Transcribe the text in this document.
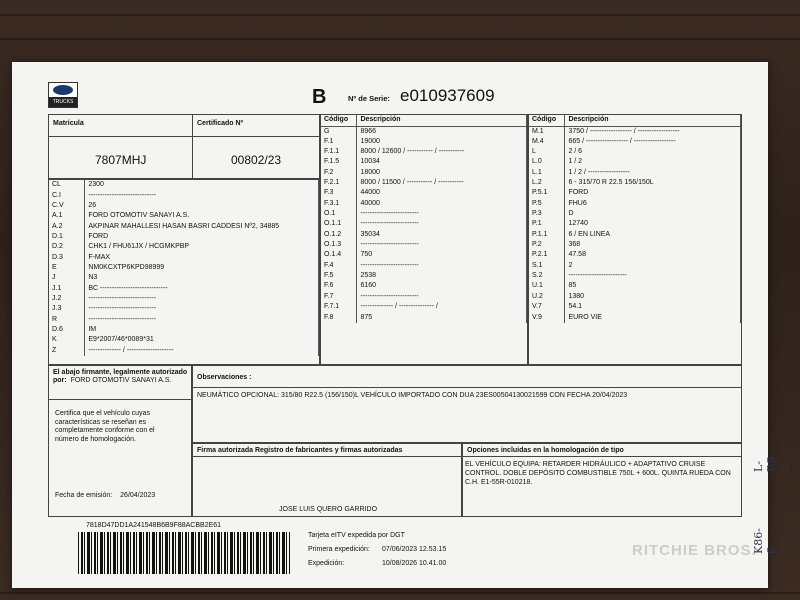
TRUCKS	B	Nº de Serie: e010937609
Matrícula	Certificado Nº
7807MHJ	00802/23
CL	2300
C.I	-----------------------------
C.V	26
A.1	FORD OTOMOTIV SANAYI A.S.
A.2	AKPINAR MAHALLESI HASAN BASRI CADDESI Nº2, 34885
D.1	FORD
D.2	CHK1 / FHU61JX / HCGMKPBP
D.3	F-MAX
E	NM0KCXTP6KPD98999
J	N3
J.1	BC -----------------------------
J.2	-----------------------------
J.3	-----------------------------
R	-----------------------------
D.6	IM
K	E9*2007/46*0089*31
Z	-------------- / --------------------
Código	Descripción
G	8966
F.1	19000
F.1.1	8000 / 12600 / ----------- / -----------
F.1.5	10034
F.2	18000
F.2.1	8000 / 11500 / ----------- / -----------
F.3	44000
F.3.1	40000
O.1	-------------------------
O.1.1	-------------------------
O.1.2	35034
O.1.3	-------------------------
O.1.4	750
F.4	-------------------------
F.5	2538
F.6	6160
F.7	-------------------------
F.7.1	-------------- / --------------- /
F.8	875
Código	Descripción
M.1	3750 / ------------------ / ------------------
M.4	665 / ------------------ / ------------------
L	2 / 6
L.0	1 / 2
L.1	1 / 2 / ------------------
L.2	6 - 315/70 R 22.5 156/150L
P.5.1	FORD
P.5	FHU6
P.3	D
P.1	12740
P.1.1	6 / EN LINEA
P.2	368
P.2.1	47.58
S.1	2
S.2	-------------------------
U.1	85
U.2	1380
V.7	54.1
V.9	EURO VIE
El abajo firmante, legalmente autorizado por: FORD OTOMOTIV SANAYI A.S.
Certifica que el vehículo cuyas características se reseñan es completamente conforme con el número de homologación.
Fecha de emisión: 26/04/2023
Observaciones :
NEUMÁTICO OPCIONAL: 315/80 R22.5 (156/150)L VEHÍCULO IMPORTADO CON DUA 23ES00504130021599 CON FECHA 20/04/2023
Firma autorizada Registro de fabricantes y firmas autorizadas
JOSE LUIS QUERO GARRIDO
Opciones incluidas en la homologación de tipo
EL VEHÍCULO EQUIPA: RETARDER HIDRÁULICO + ADAPTATIVO CRUISE CONTROL. DOBLE DEPÓSITO COMBUSTIBLE 750L + 600L. QUINTA RUEDA CON C.H. E1-55R-010218.
7818D47DD1A241548B6B9F88ACBB2E61
Tarjeta eITV expedida por DGT
Primera expedición: 07/06/2023 12.53.15
Expedición:	10/08/2026 10.41.00
L-BS 2
K86-6
RITCHIE BROS.
